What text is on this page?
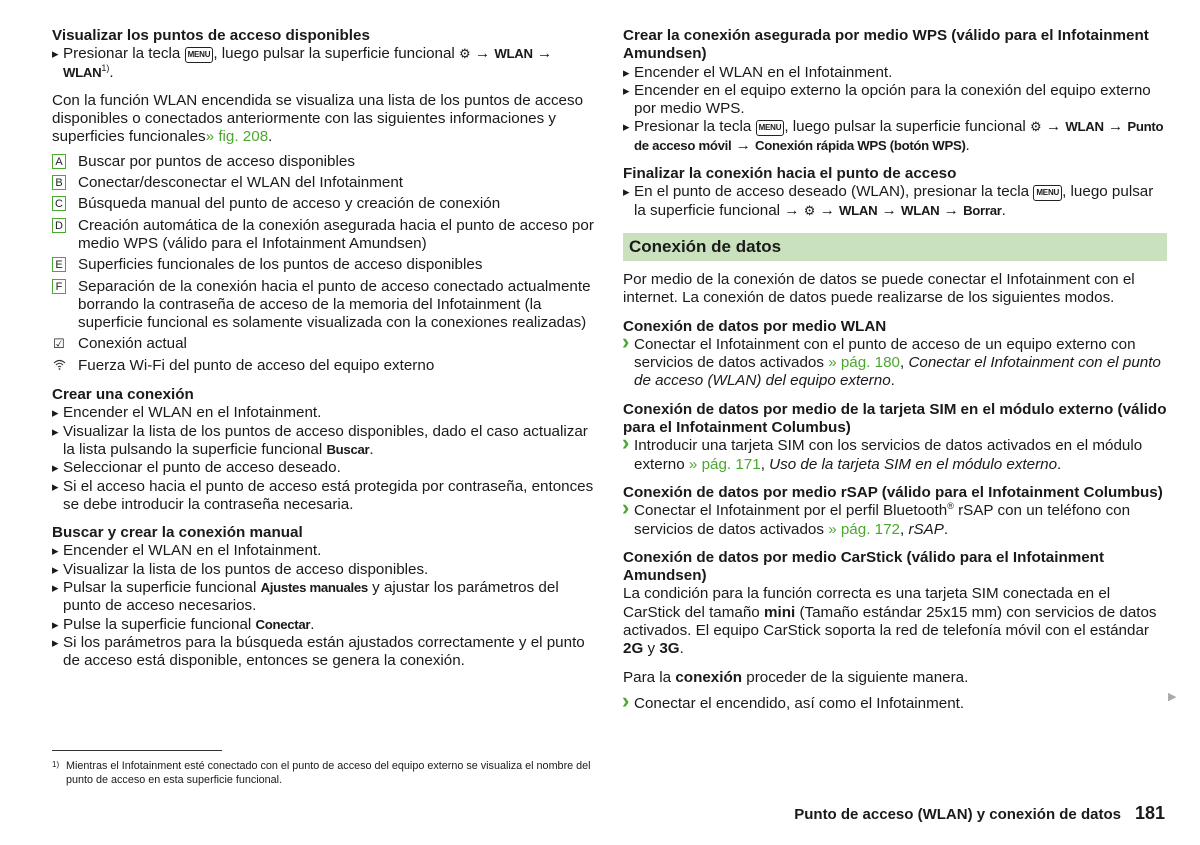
Visualizar los puntos de acceso disponibles

▸ Presionar la tecla MENU , luego pulsar la superficie funcional ⚙ → WLAN → $WLAN^{1)}$.

Con la función WLAN encendida se visualiza una lista de los puntos de acceso disponibles o conectados anteriormente con las siguientes informaciones y superficies funcionales» fig. 208.

A Buscar por puntos de acceso disponibles
B Conectar/desconectar el WLAN del Infotainment
C Búsqueda manual del punto de acceso y creación de conexión
D Creación automática de la conexión asegurada hacia el punto de acceso por medio WPS (válido para el Infotainment Amundsen)
E Superficies funcionales de los puntos de acceso disponibles
F Separación de la conexión hacia el punto de acceso conectado actualmente borrando la contraseña de acceso de la memoria del Infotainment (la superficie funcional es solamente visualizada con la conexiones realizadas)
☑ Conexión actual
Fuerza Wi-Fi del punto de acceso del equipo externo

Crear una conexión

▸ Encender el WLAN en el Infotainment.

▸ Visualizar la lista de los puntos de acceso disponibles, dado el caso actualizar la lista pulsando la superficie funcional Buscar.

▸ Seleccionar el punto de acceso deseado.

▸ Si el acceso hacia el punto de acceso está protegida por contraseña, entonces se debe introducir la contraseña necesaria.

Buscar y crear la conexión manual

▸ Encender el WLAN en el Infotainment.

▸ Visualizar la lista de los puntos de acceso disponibles.

▸ Pulsar la superficie funcional Ajustes manuales y ajustar los parámetros del punto de acceso necesarios.

▸ Pulse la superficie funcional Conectar.

▸ Si los parámetros para la búsqueda están ajustados correctamente y el punto de acceso está disponible, entonces se genera la conexión.

Crear la conexión asegurada por medio WPS (válido para el Infotainment Amundsen)

▸ Encender el WLAN en el Infotainment.

▸ Encender en el equipo externo la opción para la conexión del equipo externo por medio WPS.

▸ Presionar la tecla MENU , luego pulsar la superficie funcional ⚙ → WLAN → Punto de acceso móvil → Conexión rápida WPS (botón WPS).

Finalizar la conexión hacia el punto de acceso

▸ En el punto de acceso deseado (WLAN), presionar la tecla MENU , luego pulsar la superficie funcional → ⚙ → WLAN → WLAN → Borrar.

Conexión de datos

Por medio de la conexión de datos se puede conectar el Infotainment con el internet. La conexión de datos puede realizarse de los siguientes modos.

Conexión de datos por medio WLAN

› Conectar el Infotainment con el punto de acceso de un equipo externo con servicios de datos activados » pág. 180, Conectar el Infotainment con el punto de acceso (WLAN) del equipo externo.

Conexión de datos por medio de la tarjeta SIM en el módulo externo (válido para el Infotainment Columbus)

› Introducir una tarjeta SIM con los servicios de datos activados en el módulo externo » pág. 171, Uso de la tarjeta SIM en el módulo externo.

Conexión de datos por medio rSAP (válido para el Infotainment Columbus)

› Conectar el Infotainment por el perfil Bluetooth® rSAP con un teléfono con servicios de datos activados » pág. 172, rSAP.

Conexión de datos por medio CarStick (válido para el Infotainment Amundsen)

La condición para la función correcta es una tarjeta SIM conectada en el CarStick del tamaño mini (Tamaño estándar 25x15 mm) con servicios de datos activados. El equipo CarStick soporta la red de telefonía móvil con el estándar 2G y 3G.

Para la conexión proceder de la siguiente manera.

› Conectar el encendido, así como el Infotainment.	▶
1) Mientras el Infotainment esté conectado con el punto de acceso del equipo externo se visualiza el nombre del punto de acceso en esta superficie funcional.
Punto de acceso (WLAN) y conexión de datos 181
